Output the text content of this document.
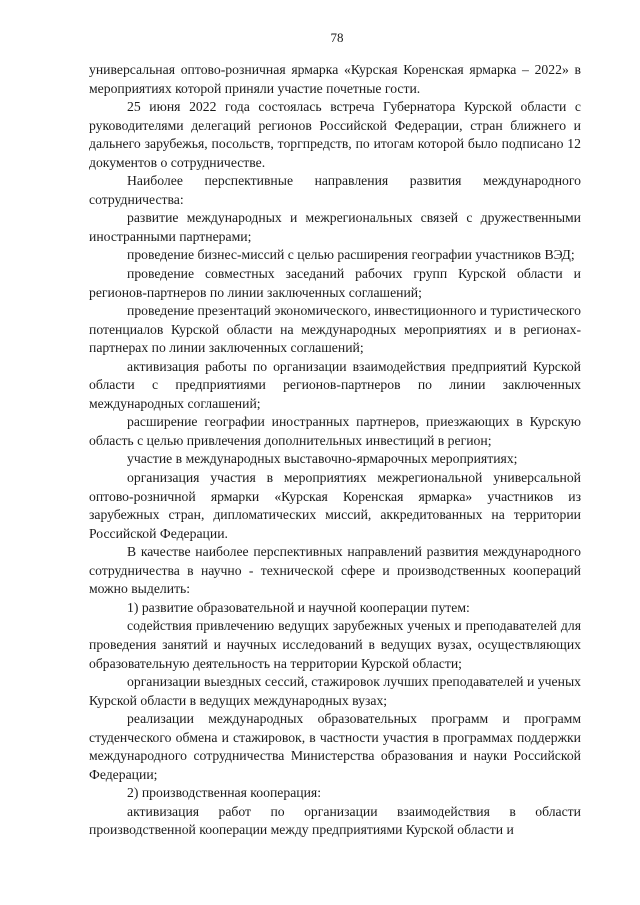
78

универсальная оптово-розничная ярмарка «Курская Коренская ярмарка – 2022» в мероприятиях которой приняли участие почетные гости.

25 июня 2022 года состоялась встреча Губернатора Курской области с руководителями делегаций регионов Российской Федерации, стран ближнего и дальнего зарубежья, посольств, торгпредств, по итогам которой было подписано 12 документов о сотрудничестве.

Наиболее перспективные направления развития международного сотрудничества:

развитие международных и межрегиональных связей с дружественными иностранными партнерами;

проведение бизнес-миссий с целью расширения географии участников ВЭД;

проведение совместных заседаний рабочих групп Курской области и регионов-партнеров по линии заключенных соглашений;

проведение презентаций экономического, инвестиционного и туристического потенциалов Курской области на международных мероприятиях и в регионах-партнерах по линии заключенных соглашений;

активизация работы по организации взаимодействия предприятий Курской области с предприятиями регионов-партнеров по линии заключенных международных соглашений;

расширение географии иностранных партнеров, приезжающих в Курскую область с целью привлечения дополнительных инвестиций в регион;

участие в международных выставочно-ярмарочных мероприятиях;

организация участия в мероприятиях межрегиональной универсальной оптово-розничной ярмарки «Курская Коренская ярмарка» участников из зарубежных стран, дипломатических миссий, аккредитованных на территории Российской Федерации.

В качестве наиболее перспективных направлений развития международного сотрудничества в научно - технической сфере и производственных коопераций можно выделить:

1) развитие образовательной и научной кооперации путем:

содействия привлечению ведущих зарубежных ученых и преподавателей для проведения занятий и научных исследований в ведущих вузах, осуществляющих образовательную деятельность на территории Курской области;

организации выездных сессий, стажировок лучших преподавателей и ученых Курской области в ведущих международных вузах;

реализации международных образовательных программ и программ студенческого обмена и стажировок, в частности участия в программах поддержки международного сотрудничества Министерства образования и науки Российской Федерации;

2) производственная кооперация:

активизация работ по организации взаимодействия в области производственной кооперации между предприятиями Курской области и
